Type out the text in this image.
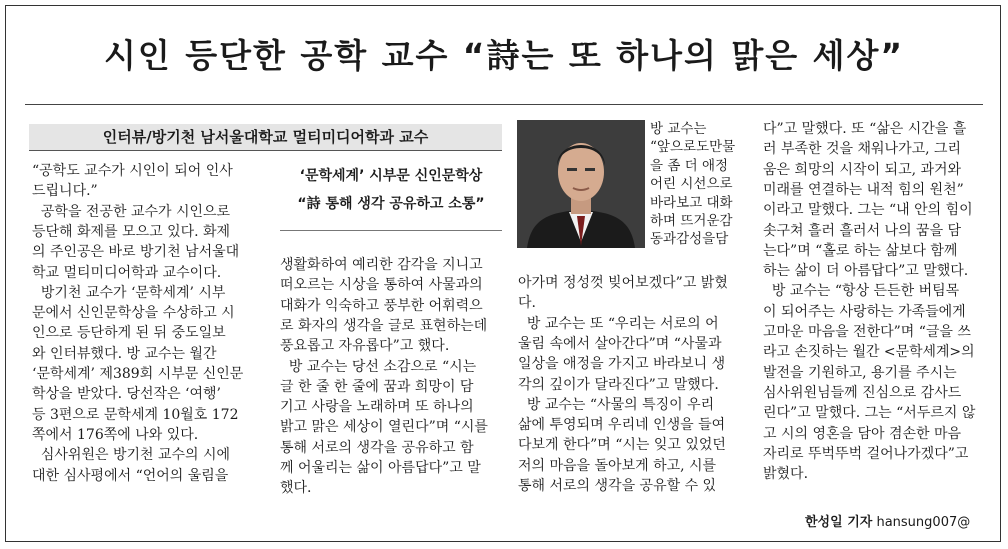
시인 등단한 공학 교수 “詩는 또 하나의 맑은 세상”
인터뷰/방기천 남서울대학교 멀티미디어학과 교수
‘문학세계’ 시부문 신인문학상
“詩 통해 생각 공유하고 소통”
한성일 기자 hansung007@
“공학도 교수가 시인이 되어 인사
드립니다.”
공학을 전공한 교수가 시인으로
등단해 화제를 모으고 있다. 화제
의 주인공은 바로 방기천 남서울대
학교 멀티미디어학과 교수이다.
방기천 교수가 ‘문학세계’ 시부
문에서 신인문학상을 수상하고 시
인으로 등단하게 된 뒤 중도일보
와 인터뷰했다. 방 교수는 월간
‘문학세계’ 제389회 시부문 신인문
학상을 받았다. 당선작은 ‘여행’
등 3편으로 문학세계 10월호 172
쪽에서 176쪽에 나와 있다.
심사위원은 방기천 교수의 시에
대한 심사평에서 “언어의 울림을
생활화하여 예리한 감각을 지니고
떠오르는 시상을 통하여 사물과의
대화가 익숙하고 풍부한 어휘력으
로 화자의 생각을 글로 표현하는데
풍요롭고 자유롭다”고 했다.
방 교수는 당선 소감으로 “시는
글 한 줄 한 줄에 꿈과 희망이 담
기고 사랑을 노래하며 또 하나의
밝고 맑은 세상이 열린다”며 “시를
통해 서로의 생각을 공유하고 함
께 어울리는 삶이 아름답다”고 말
했다.
방 교수는
“앞으로도만물
을 좀 더 애정
어린 시선으로
바라보고 대화
하며 뜨거운감
동과감성을담
아가며 정성껏 빚어보겠다”고 밝혔
다.
방 교수는 또 “우리는 서로의 어
울림 속에서 살아간다”며 “사물과
일상을 애정을 가지고 바라보니 생
각의 깊이가 달라진다”고 말했다.
방 교수는 “사물의 특징이 우리
삶에 투영되며 우리네 인생을 들여
다보게 한다”며 “시는 잊고 있었던
저의 마음을 돌아보게 하고, 시를
통해 서로의 생각을 공유할 수 있
다”고 말했다. 또 “삶은 시간을 흘
러 부족한 것을 채워나가고, 그리
움은 희망의 시작이 되고, 과거와
미래를 연결하는 내적 힘의 원천”
이라고 말했다. 그는 “내 안의 힘이
솟구쳐 흘러 흘러서 나의 꿈을 담
는다”며 “홀로 하는 삶보다 함께
하는 삶이 더 아름답다”고 말했다.
방 교수는 “항상 든든한 버팀목
이 되어주는 사랑하는 가족들에게
고마운 마음을 전한다”며 “글을 쓰
라고 손짓하는 월간 <문학세계>의
발전을 기원하고, 용기를 주시는
심사위원님들께 진심으로 감사드
린다”고 말했다. 그는 “서두르지 않
고 시의 영혼을 담아 겸손한 마음
자리로 뚜벅뚜벅 걸어나가겠다”고
밝혔다.
